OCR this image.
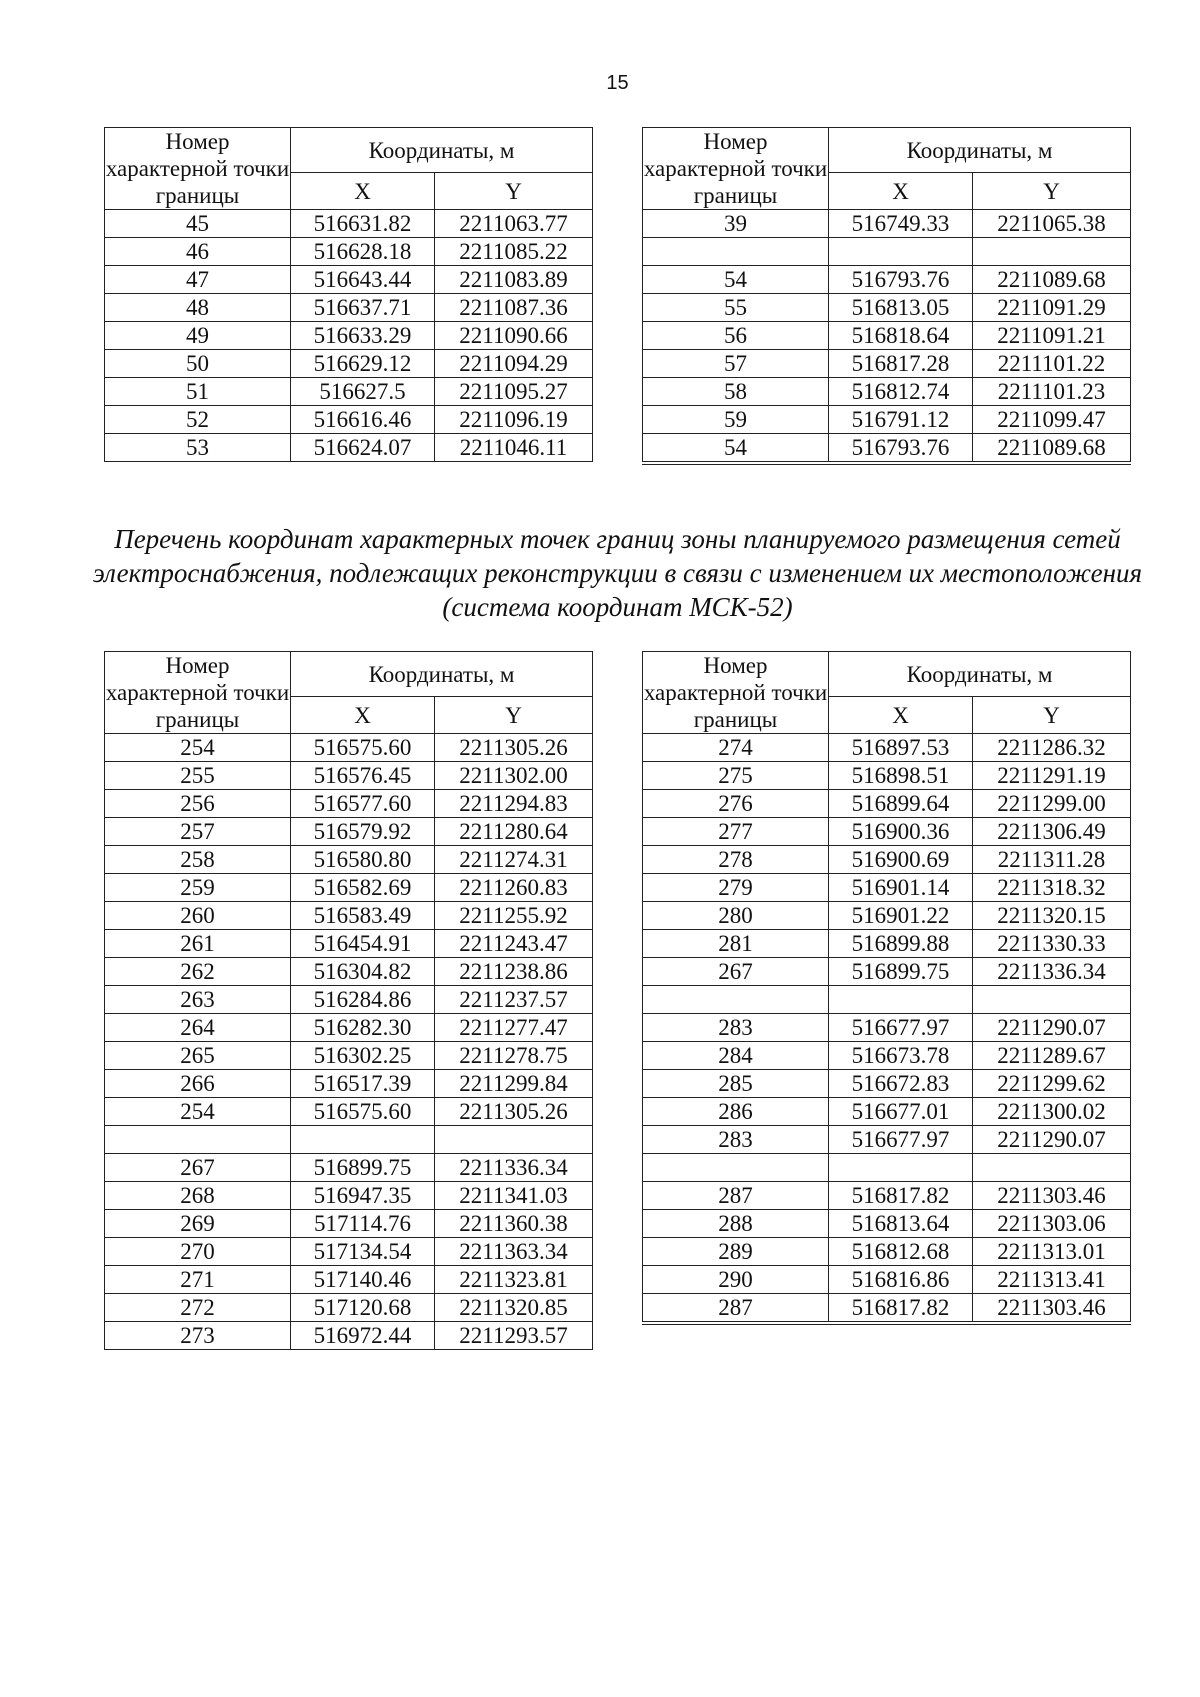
15
Номер характерной точки границы	Координаты, м	
	X	Y
45	516631.82	2211063.77
46	516628.18	2211085.22
47	516643.44	2211083.89
48	516637.71	2211087.36
49	516633.29	2211090.66
50	516629.12	2211094.29
51	516627.5	2211095.27
52	516616.46	2211096.19
53	516624.07	2211046.11
Номер характерной точки границы	Координаты, м	
	X	Y
39	516749.33	2211065.38

54	516793.76	2211089.68
55	516813.05	2211091.29
56	516818.64	2211091.21
57	516817.28	2211101.22
58	516812.74	2211101.23
59	516791.12	2211099.47
54	516793.76	2211089.68
Перечень координат характерных точек границ зоны планируемого размещения сетей электроснабжения, подлежащих реконструкции в связи с изменением их местоположения (система координат МСК-52)
Номер характерной точки границы	Координаты, м	
	X	Y
254	516575.60	2211305.26
255	516576.45	2211302.00
256	516577.60	2211294.83
257	516579.92	2211280.64
258	516580.80	2211274.31
259	516582.69	2211260.83
260	516583.49	2211255.92
261	516454.91	2211243.47
262	516304.82	2211238.86
263	516284.86	2211237.57
264	516282.30	2211277.47
265	516302.25	2211278.75
266	516517.39	2211299.84
254	516575.60	2211305.26

267	516899.75	2211336.34
268	516947.35	2211341.03
269	517114.76	2211360.38
270	517134.54	2211363.34
271	517140.46	2211323.81
272	517120.68	2211320.85
273	516972.44	2211293.57
Номер характерной точки границы	Координаты, м	
	X	Y
274	516897.53	2211286.32
275	516898.51	2211291.19
276	516899.64	2211299.00
277	516900.36	2211306.49
278	516900.69	2211311.28
279	516901.14	2211318.32
280	516901.22	2211320.15
281	516899.88	2211330.33
267	516899.75	2211336.34

283	516677.97	2211290.07
284	516673.78	2211289.67
285	516672.83	2211299.62
286	516677.01	2211300.02
283	516677.97	2211290.07

287	516817.82	2211303.46
288	516813.64	2211303.06
289	516812.68	2211313.01
290	516816.86	2211313.41
287	516817.82	2211303.46
